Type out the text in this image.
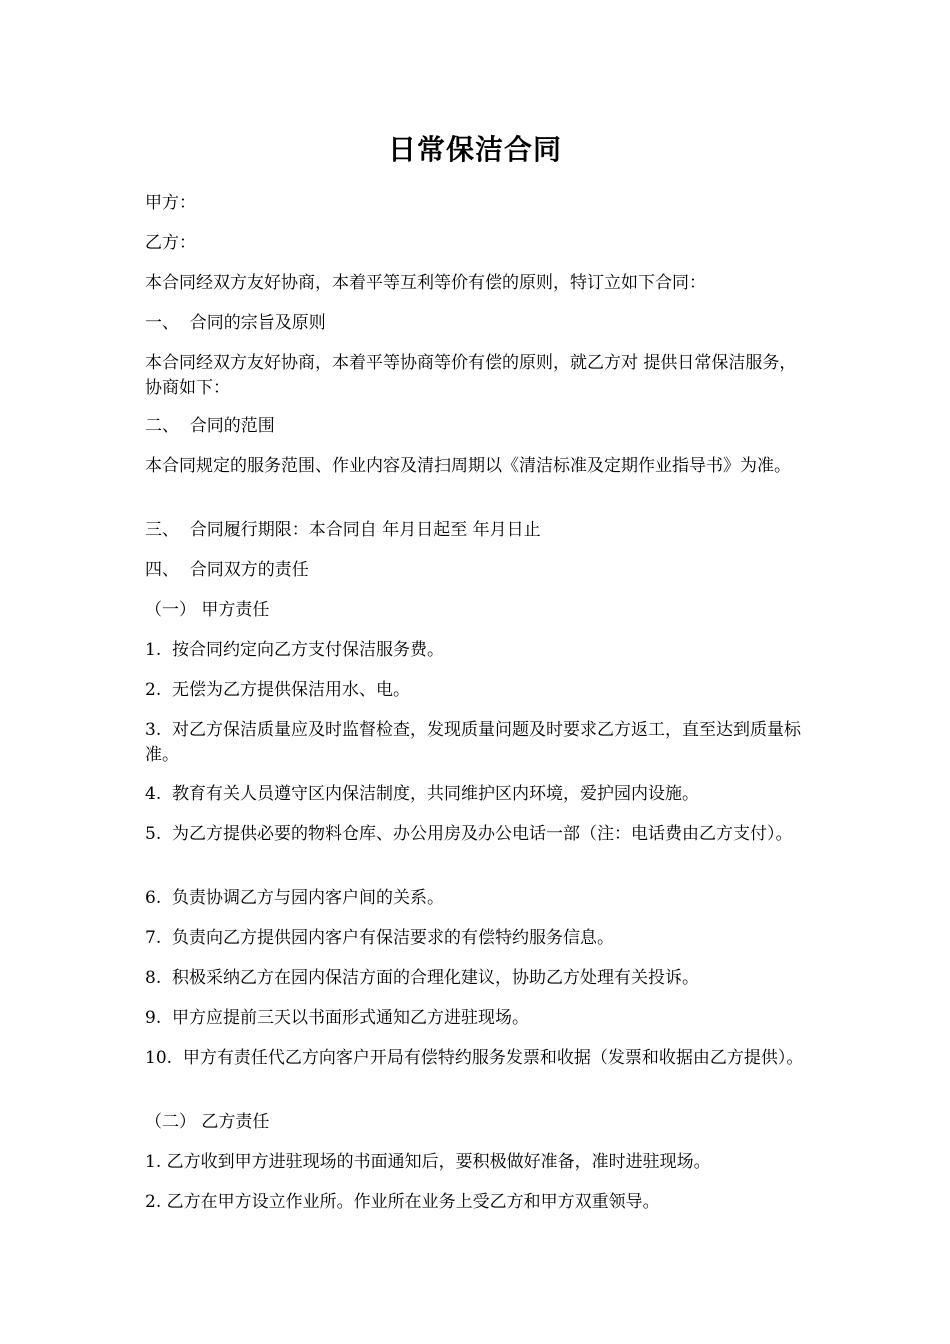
日常保洁合同
甲方：
乙方：
本合同经双方友好协商，本着平等互利等价有偿的原则，特订立如下合同：
一、  合同的宗旨及原则
本合同经双方友好协商，本着平等协商等价有偿的原则，就乙方对 提供日常保洁服务，协商如下：
二、  合同的范围
本合同规定的服务范围、作业内容及清扫周期以《清洁标准及定期作业指导书》为准。
三、  合同履行期限：本合同自 年月日起至 年月日止
四、  合同双方的责任
（一） 甲方责任
1.  按合同约定向乙方支付保洁服务费。
2.  无偿为乙方提供保洁用水、电。
3.  对乙方保洁质量应及时监督检查，发现质量问题及时要求乙方返工，直至达到质量标准。
4.  教育有关人员遵守区内保洁制度，共同维护区内环境，爱护园内设施。
5.  为乙方提供必要的物料仓库、办公用房及办公电话一部（注：电话费由乙方支付）。
6.  负责协调乙方与园内客户间的关系。
7.  负责向乙方提供园内客户有保洁要求的有偿特约服务信息。
8.  积极采纳乙方在园内保洁方面的合理化建议，协助乙方处理有关投诉。
9.  甲方应提前三天以书面形式通知乙方进驻现场。
10.  甲方有责任代乙方向客户开局有偿特约服务发票和收据（发票和收据由乙方提供）。
（二） 乙方责任
1. 乙方收到甲方进驻现场的书面通知后，要积极做好准备，准时进驻现场。
2. 乙方在甲方设立作业所。作业所在业务上受乙方和甲方双重领导。
